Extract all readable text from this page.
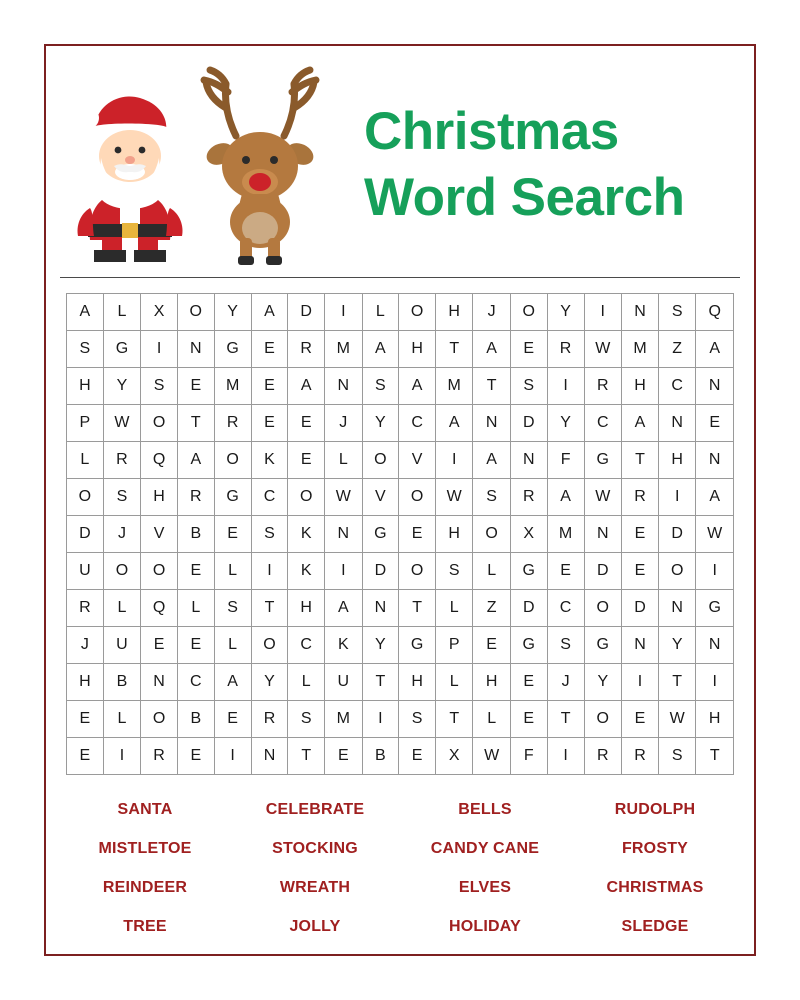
Christmas
Word Search
A	L	X	O	Y	A	D	I	L	O	H	J	O	Y	I	N	S	Q
S	G	I	N	G	E	R	M	A	H	T	A	E	R	W	M	Z	A
H	Y	S	E	M	E	A	N	S	A	M	T	S	I	R	H	C	N
P	W	O	T	R	E	E	J	Y	C	A	N	D	Y	C	A	N	E
L	R	Q	A	O	K	E	L	O	V	I	A	N	F	G	T	H	N
O	S	H	R	G	C	O	W	V	O	W	S	R	A	W	R	I	A
D	J	V	B	E	S	K	N	G	E	H	O	X	M	N	E	D	W
U	O	O	E	L	I	K	I	D	O	S	L	G	E	D	E	O	I
R	L	Q	L	S	T	H	A	N	T	L	Z	D	C	O	D	N	G
J	U	E	E	L	O	C	K	Y	G	P	E	G	S	G	N	Y	N
H	B	N	C	A	Y	L	U	T	H	L	H	E	J	Y	I	T	I
E	L	O	B	E	R	S	M	I	S	T	L	E	T	O	E	W	H
E	I	R	E	I	N	T	E	B	E	X	W	F	I	R	R	S	T
SANTA	CELEBRATE	BELLS	RUDOLPH
MISTLETOE	STOCKING	CANDY CANE	FROSTY
REINDEER	WREATH	ELVES	CHRISTMAS
TREE	JOLLY	HOLIDAY	SLEDGE
